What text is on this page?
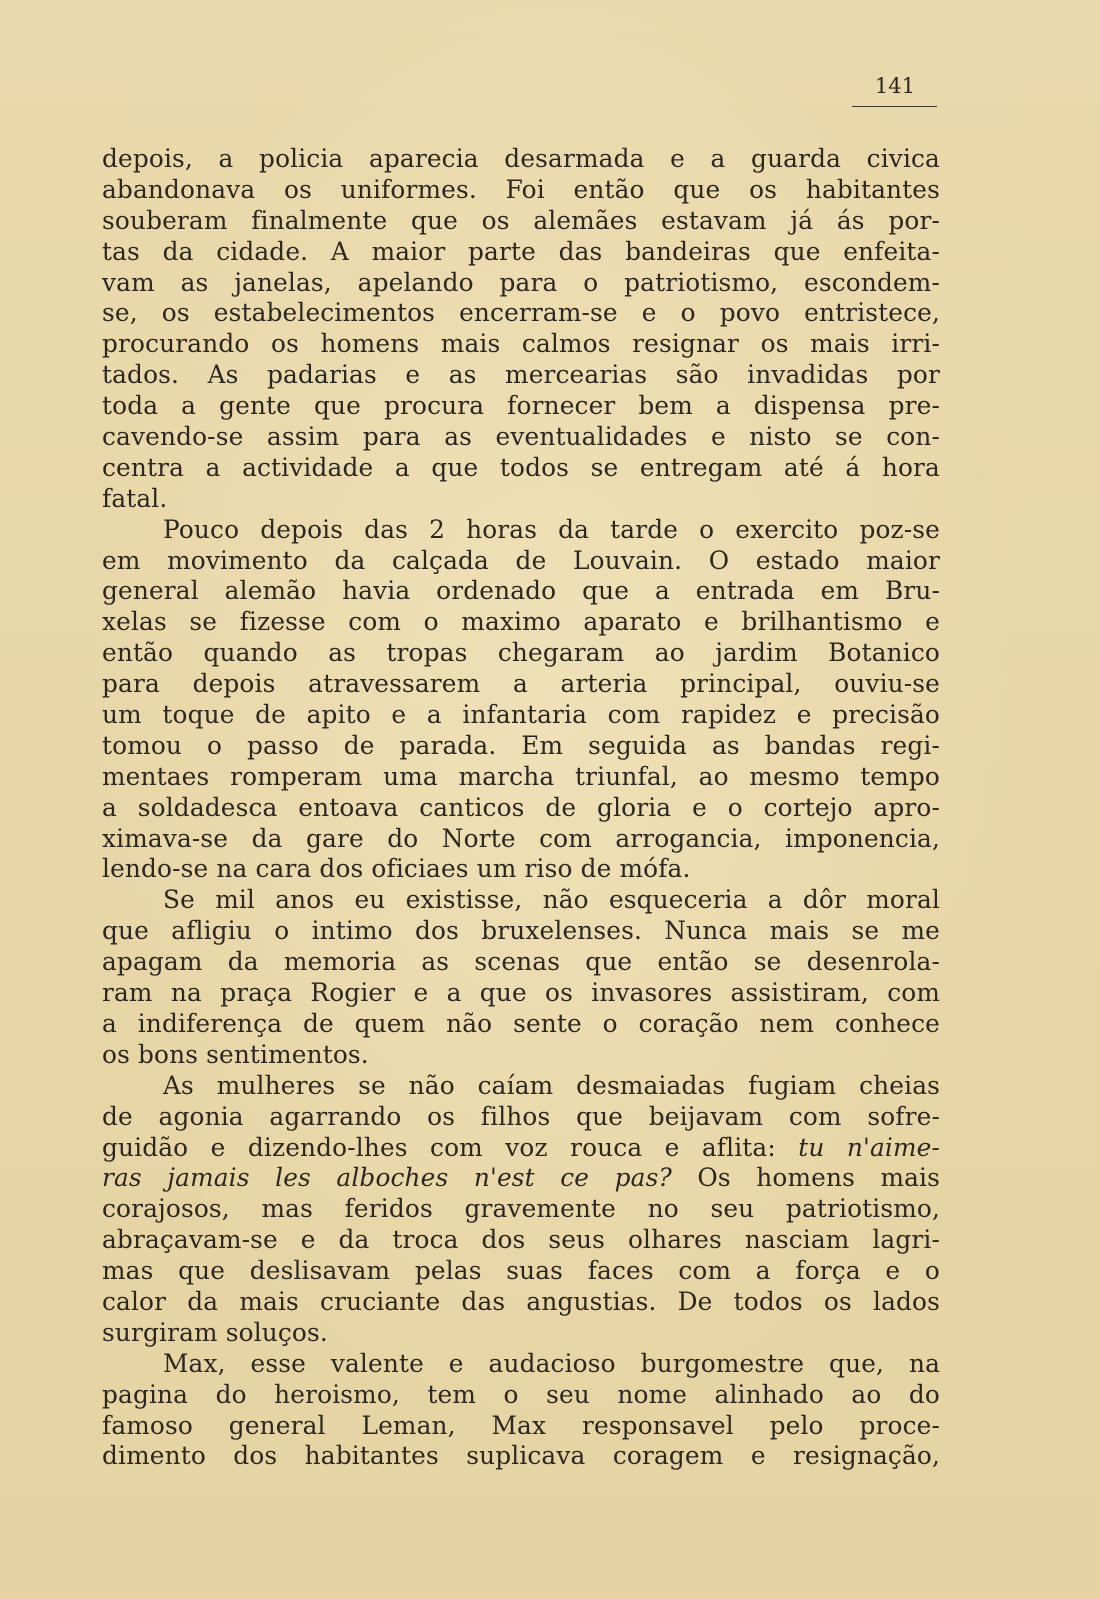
141
depois, a policia aparecia desarmada e a guarda civica
abandonava os uniformes. Foi então que os habitantes
souberam finalmente que os alemães estavam já ás por-
tas da cidade. A maior parte das bandeiras que enfeita-
vam as janelas, apelando para o patriotismo, escondem-
se, os estabelecimentos encerram-se e o povo entristece,
procurando os homens mais calmos resignar os mais irri-
tados. As padarias e as mercearias são invadidas por
toda a gente que procura fornecer bem a dispensa pre-
cavendo-se assim para as eventualidades e nisto se con-
centra a actividade a que todos se entregam até á hora
fatal.
Pouco depois das 2 horas da tarde o exercito poz-se
em movimento da calçada de Louvain. O estado maior
general alemão havia ordenado que a entrada em Bru-
xelas se fizesse com o maximo aparato e brilhantismo e
então quando as tropas chegaram ao jardim Botanico
para depois atravessarem a arteria principal, ouviu-se
um toque de apito e a infantaria com rapidez e precisão
tomou o passo de parada. Em seguida as bandas regi-
mentaes romperam uma marcha triunfal, ao mesmo tempo
a soldadesca entoava canticos de gloria e o cortejo apro-
ximava-se da gare do Norte com arrogancia, imponencia,
lendo-se na cara dos oficiaes um riso de mófa.
Se mil anos eu existisse, não esqueceria a dôr moral
que afligiu o intimo dos bruxelenses. Nunca mais se me
apagam da memoria as scenas que então se desenrola-
ram na praça Rogier e a que os invasores assistiram, com
a indiferença de quem não sente o coração nem conhece
os bons sentimentos.
As mulheres se não caíam desmaiadas fugiam cheias
de agonia agarrando os filhos que beijavam com sofre-
guidão e dizendo-lhes com voz rouca e aflita: tu n'aime-
ras jamais les alboches n'est ce pas? Os homens mais
corajosos, mas feridos gravemente no seu patriotismo,
abraçavam-se e da troca dos seus olhares nasciam lagri-
mas que deslisavam pelas suas faces com a força e o
calor da mais cruciante das angustias. De todos os lados
surgiram soluços.
Max, esse valente e audacioso burgomestre que, na
pagina do heroismo, tem o seu nome alinhado ao do
famoso general Leman, Max responsavel pelo proce-
dimento dos habitantes suplicava coragem e resignação,
